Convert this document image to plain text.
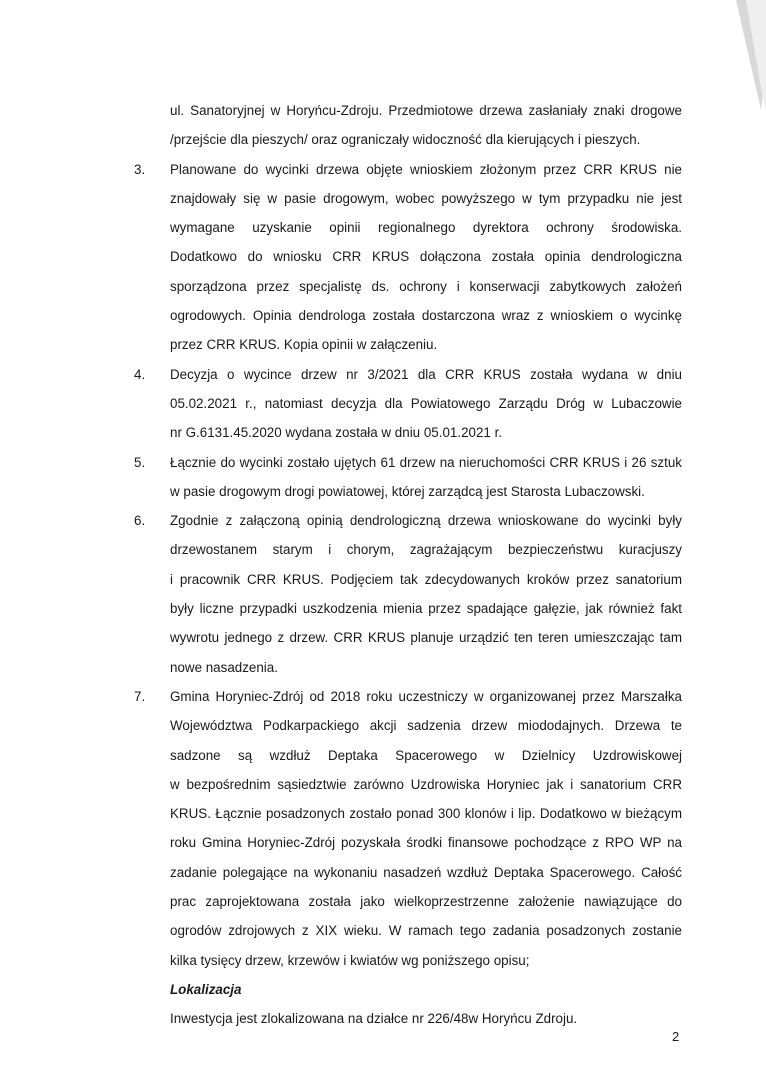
ul. Sanatoryjnej w Horyńcu-Zdroju. Przedmiotowe drzewa zasłaniały znaki drogowe
/przejście dla pieszych/ oraz ograniczały widoczność dla kierujących i pieszych.
3. Planowane do wycinki drzewa objęte wnioskiem złożonym przez CRR KRUS nie
znajdowały się w pasie drogowym, wobec powyższego w tym przypadku nie jest
wymagane uzyskanie opinii regionalnego dyrektora ochrony środowiska.
Dodatkowo do wniosku CRR KRUS dołączona została opinia dendrologiczna
sporządzona przez specjalistę ds. ochrony i konserwacji zabytkowych założeń
ogrodowych. Opinia dendrologa została dostarczona wraz z wnioskiem o wycinkę
przez CRR KRUS. Kopia opinii w załączeniu.
4. Decyzja o wycince drzew nr 3/2021 dla CRR KRUS została wydana w dniu
05.02.2021 r., natomiast decyzja dla Powiatowego Zarządu Dróg w Lubaczowie
nr G.6131.45.2020 wydana została w dniu 05.01.2021 r.
5. Łącznie do wycinki zostało ujętych 61 drzew na nieruchomości CRR KRUS i 26 sztuk
w pasie drogowym drogi powiatowej, której zarządcą jest Starosta Lubaczowski.
6. Zgodnie z załączoną opinią dendrologiczną drzewa wnioskowane do wycinki były
drzewostanem starym i chorym, zagrażającym bezpieczeństwu kuracjuszy
i pracownik CRR KRUS. Podjęciem tak zdecydowanych kroków przez sanatorium
były liczne przypadki uszkodzenia mienia przez spadające gałęzie, jak również fakt
wywrotu jednego z drzew. CRR KRUS planuje urządzić ten teren umieszczając tam
nowe nasadzenia.
7. Gmina Horyniec-Zdrój od 2018 roku uczestniczy w organizowanej przez Marszałka
Województwa Podkarpackiego akcji sadzenia drzew miododajnych. Drzewa te
sadzone są wzdłuż Deptaka Spacerowego w Dzielnicy Uzdrowiskowej
w bezpośrednim sąsiedztwie zarówno Uzdrowiska Horyniec jak i sanatorium CRR
KRUS. Łącznie posadzonych zostało ponad 300 klonów i lip. Dodatkowo w bieżącym
roku Gmina Horyniec-Zdrój pozyskała środki finansowe pochodzące z RPO WP na
zadanie polegające na wykonaniu nasadzeń wzdłuż Deptaka Spacerowego. Całość
prac zaprojektowana została jako wielkoprzestrzenne założenie nawiązujące do
ogrodów zdrojowych z XIX wieku. W ramach tego zadania posadzonych zostanie
kilka tysięcy drzew, krzewów i kwiatów wg poniższego opisu;
Lokalizacja
Inwestycja jest zlokalizowana na działce nr 226/48w Horyńcu Zdroju.
2
